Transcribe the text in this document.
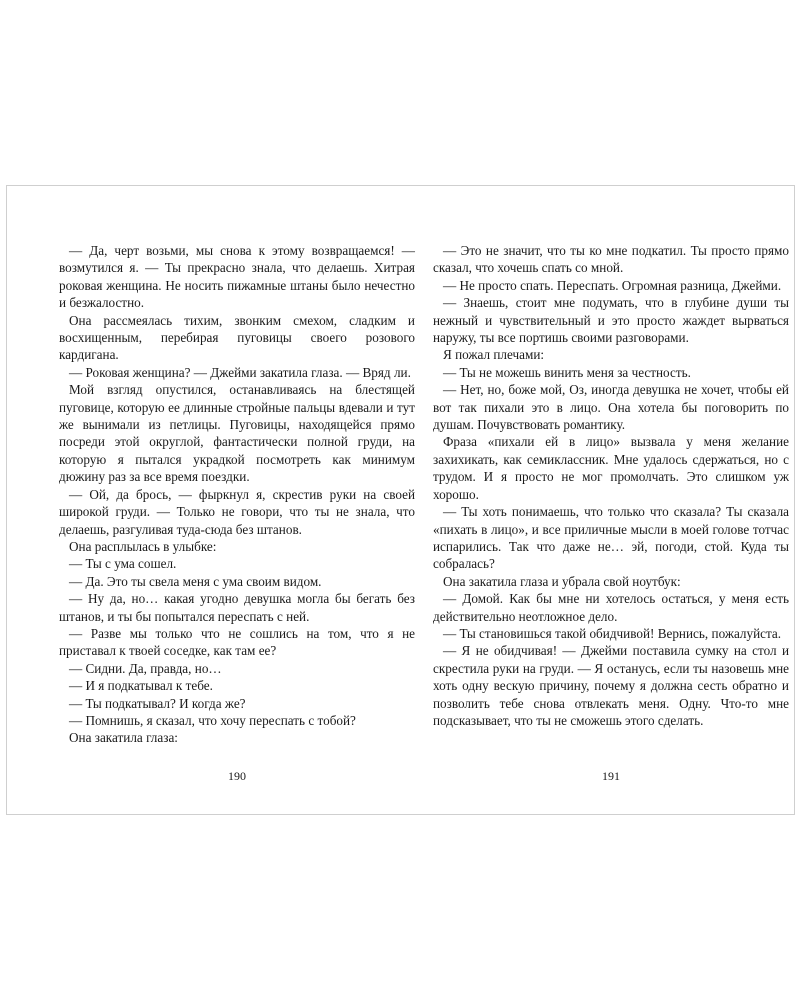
— Да, черт возьми, мы снова к этому возвращаемся! — возмутился я. — Ты прекрасно знала, что делаешь. Хитрая роковая женщина. Не носить пижамные штаны было нечестно и безжалостно.

Она рассмеялась тихим, звонким смехом, сладким и восхищенным, перебирая пуговицы своего розового кардигана.

— Роковая женщина? — Джейми закатила глаза. — Вряд ли.

Мой взгляд опустился, останавливаясь на блестящей пуговице, которую ее длинные стройные пальцы вдевали и тут же вынимали из петлицы. Пуговицы, находящейся прямо посреди этой округлой, фантастически полной груди, на которую я пытался украдкой посмотреть как минимум дюжину раз за все время поездки.

— Ой, да брось, — фыркнул я, скрестив руки на своей широкой груди. — Только не говори, что ты не знала, что делаешь, разгуливая туда-сюда без штанов.

Она расплылась в улыбке:

— Ты с ума сошел.

— Да. Это ты свела меня с ума своим видом.

— Ну да, но… какая угодно девушка могла бы бегать без штанов, и ты бы попытался переспать с ней.

— Разве мы только что не сошлись на том, что я не приставал к твоей соседке, как там ее?

— Сидни. Да, правда, но…

— И я подкатывал к тебе.

— Ты подкатывал? И когда же?

— Помнишь, я сказал, что хочу переспать с тобой?

Она закатила глаза:

— Это не значит, что ты ко мне подкатил. Ты просто прямо сказал, что хочешь спать со мной.

— Не просто спать. Переспать. Огромная разница, Джейми.

— Знаешь, стоит мне подумать, что в глубине души ты нежный и чувствительный и это просто жаждет вырваться наружу, ты все портишь своими разговорами.

Я пожал плечами:

— Ты не можешь винить меня за честность.

— Нет, но, боже мой, Оз, иногда девушка не хочет, чтобы ей вот так пихали это в лицо. Она хотела бы поговорить по душам. Почувствовать романтику.

Фраза «пихали ей в лицо» вызвала у меня желание захихикать, как семиклассник. Мне удалось сдержаться, но с трудом. И я просто не мог промолчать. Это слишком уж хорошо.

— Ты хоть понимаешь, что только что сказала? Ты сказала «пихать в лицо», и все приличные мысли в моей голове тотчас испарились. Так что даже не… эй, погоди, стой. Куда ты собралась?

Она закатила глаза и убрала свой ноутбук:

— Домой. Как бы мне ни хотелось остаться, у меня есть действительно неотложное дело.

— Ты становишься такой обидчивой! Вернись, пожалуйста.

— Я не обидчивая! — Джейми поставила сумку на стол и скрестила руки на груди. — Я останусь, если ты назовешь мне хоть одну вескую причину, почему я должна сесть обратно и позволить тебе снова отвлекать меня. Одну. Что-то мне подсказывает, что ты не сможешь этого сделать.

190	191
